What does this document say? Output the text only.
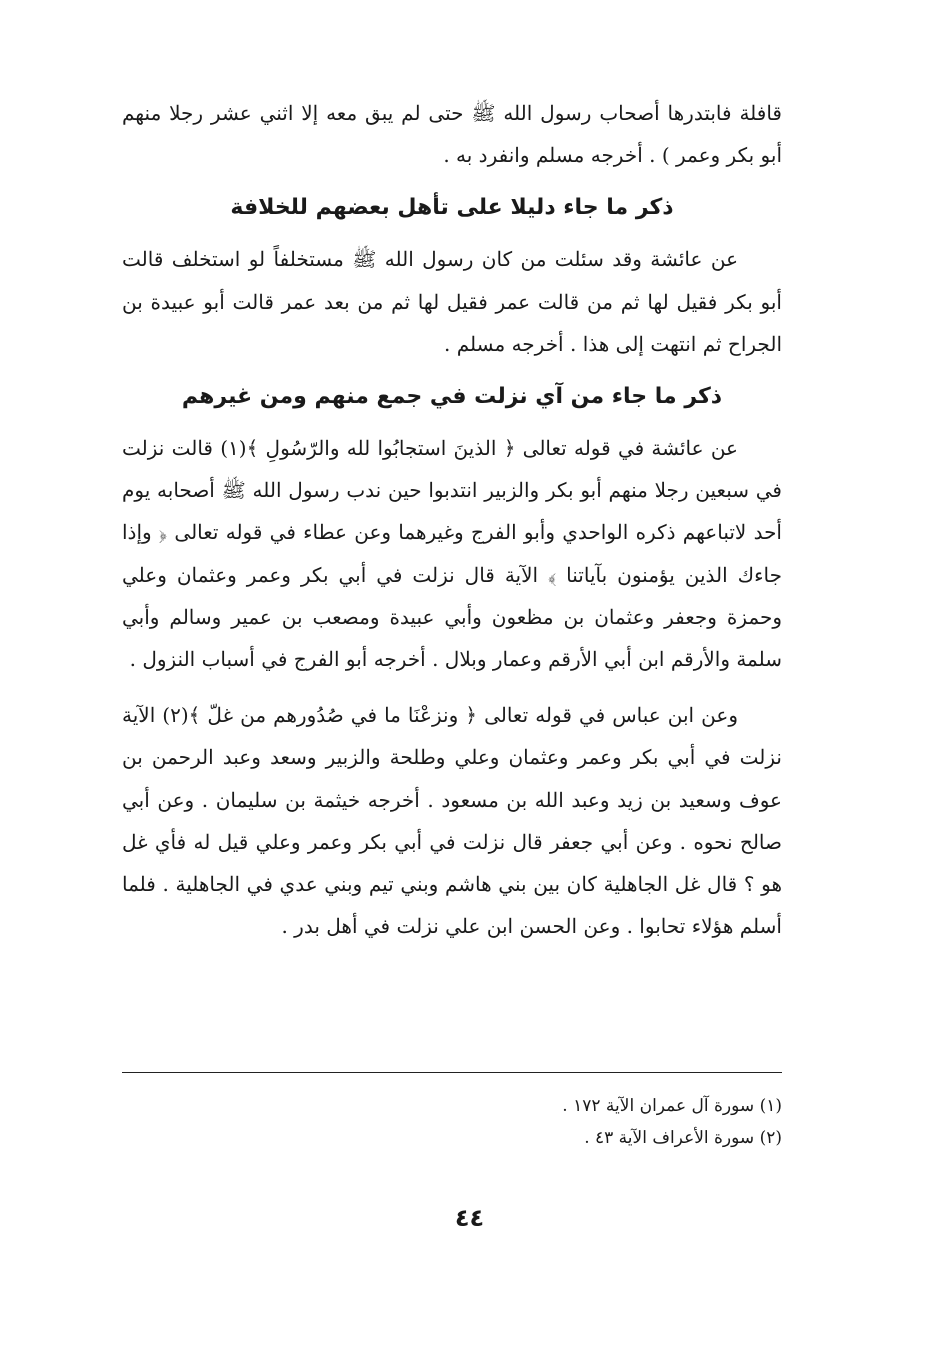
قافلة فابتدرها أصحاب رسول الله ﷺ حتى لم يبق معه إلا اثني عشر رجلا منهم أبو بكر وعمر ) . أخرجه مسلم وانفرد به .

ذكر ما جاء دليلا على تأهل بعضهم للخلافة

عن عائشة وقد سئلت من كان رسول الله ﷺ مستخلفاً لو استخلف قالت أبو بكر فقيل لها ثم من قالت عمر فقيل لها ثم من بعد عمر قالت أبو عبيدة بن الجراح ثم انتهت إلى هذا . أخرجه مسلم .

ذكر ما جاء من آي نزلت في جمع منهم ومن غيرهم

عن عائشة في قوله تعالى ﴿ الذينَ استجابُوا لله والرّسُولِ ﴾(١) قالت نزلت في سبعين رجلا منهم أبو بكر والزبير انتدبوا حين ندب رسول الله ﷺ أصحابه يوم أحد لاتباعهم ذكره الواحدي وأبو الفرج وغيرهما وعن عطاء في قوله تعالى ﴿ وإذا جاءك الذين يؤمنون بآياتنا ﴾ الآية قال نزلت في أبي بكر وعمر وعثمان وعلي وحمزة وجعفر وعثمان بن مظعون وأبي عبيدة ومصعب بن عمير وسالم وأبي سلمة والأرقم ابن أبي الأرقم وعمار وبلال . أخرجه أبو الفرج في أسباب النزول .

وعن ابن عباس في قوله تعالى ﴿ ونزعْنَا ما في صُدُورهم من غلّ ﴾(٢) الآية نزلت في أبي بكر وعمر وعثمان وعلي وطلحة والزبير وسعد وعبد الرحمن بن عوف وسعيد بن زيد وعبد الله بن مسعود . أخرجه خيثمة بن سليمان . وعن أبي صالح نحوه . وعن أبي جعفر قال نزلت في أبي بكر وعمر وعلي قيل له فأي غل هو ؟ قال غل الجاهلية كان بين بني هاشم وبني تيم وبني عدي في الجاهلية . فلما أسلم هؤلاء تحابوا . وعن الحسن ابن علي نزلت في أهل بدر .

(١) سورة آل عمران الآية ١٧٢ .

(٢) سورة الأعراف الآية ٤٣ .

٤٤
